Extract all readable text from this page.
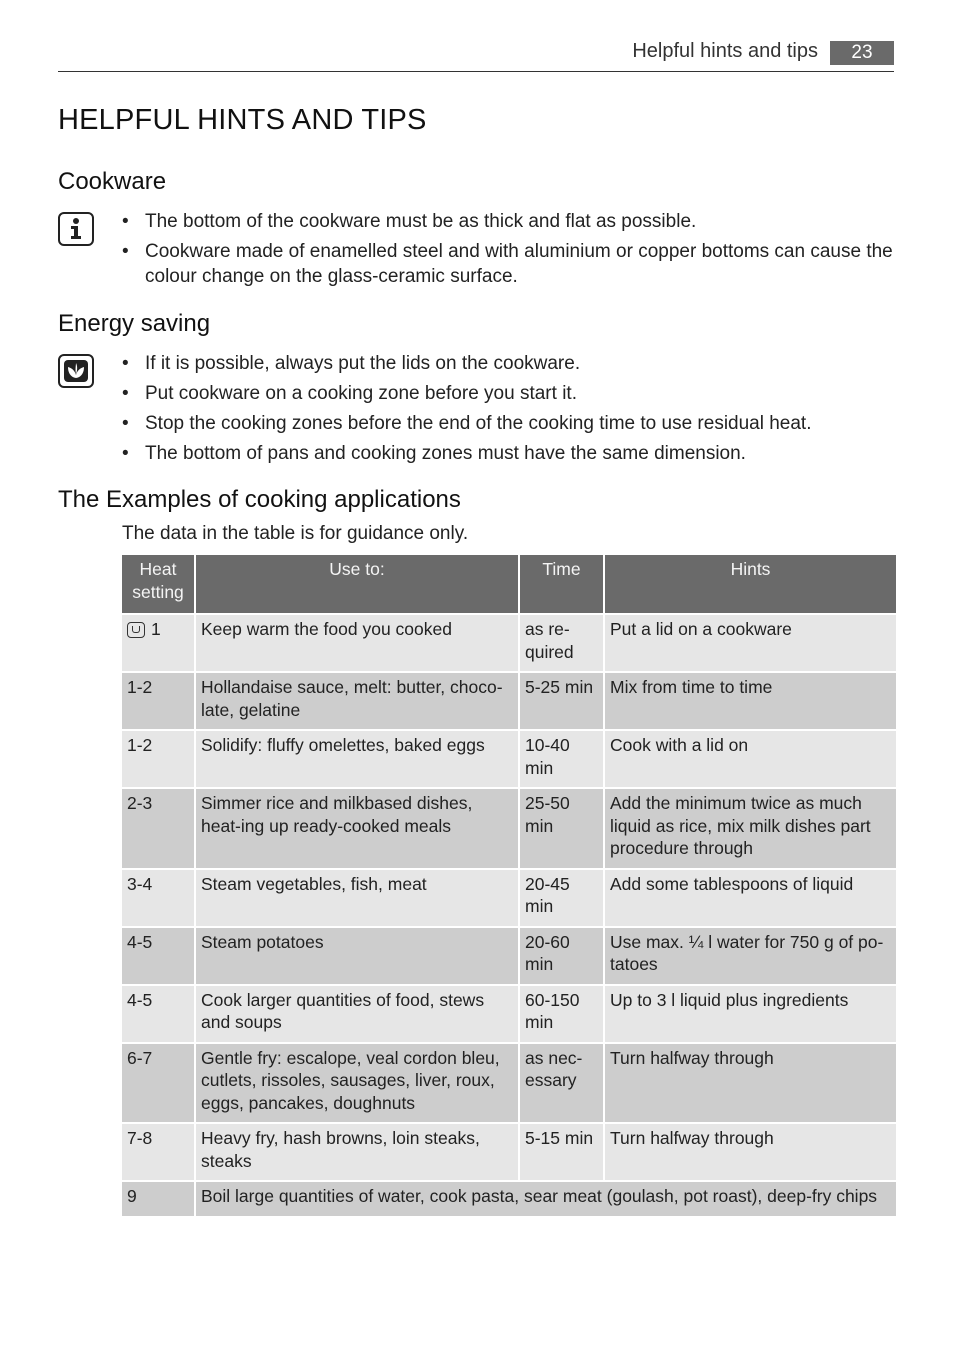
Helpful hints and tips	23
HELPFUL HINTS AND TIPS
Cookware
• The bottom of the cookware must be as thick and flat as possible.
• Cookware made of enamelled steel and with aluminium or copper bottoms can cause the colour change on the glass-ceramic surface.
Energy saving
• If it is possible, always put the lids on the cookware.
• Put cookware on a cooking zone before you start it.
• Stop the cooking zones before the end of the cooking time to use residual heat.
• The bottom of pans and cooking zones must have the same dimension.
The Examples of cooking applications
The data in the table is for guidance only.
Heat setting	Use to:	Time	Hints
1	Keep warm the food you cooked	as re-quired	Put a lid on a cookware
1-2	Hollandaise sauce, melt: butter, choco-late, gelatine	5-25 min	Mix from time to time
1-2	Solidify: fluffy omelettes, baked eggs	10-40 min	Cook with a lid on
2-3	Simmer rice and milkbased dishes, heat-ing up ready-cooked meals	25-50 min	Add the minimum twice as much liquid as rice, mix milk dishes part procedure through
3-4	Steam vegetables, fish, meat	20-45 min	Add some tablespoons of liquid
4-5	Steam potatoes	20-60 min	Use max. ¼ l water for 750 g of po-tatoes
4-5	Cook larger quantities of food, stews and soups	60-150 min	Up to 3 l liquid plus ingredients
6-7	Gentle fry: escalope, veal cordon bleu, cutlets, rissoles, sausages, liver, roux, eggs, pancakes, doughnuts	as nec-essary	Turn halfway through
7-8	Heavy fry, hash browns, loin steaks, steaks	5-15 min	Turn halfway through
9	Boil large quantities of water, cook pasta, sear meat (goulash, pot roast), deep-fry chips		
